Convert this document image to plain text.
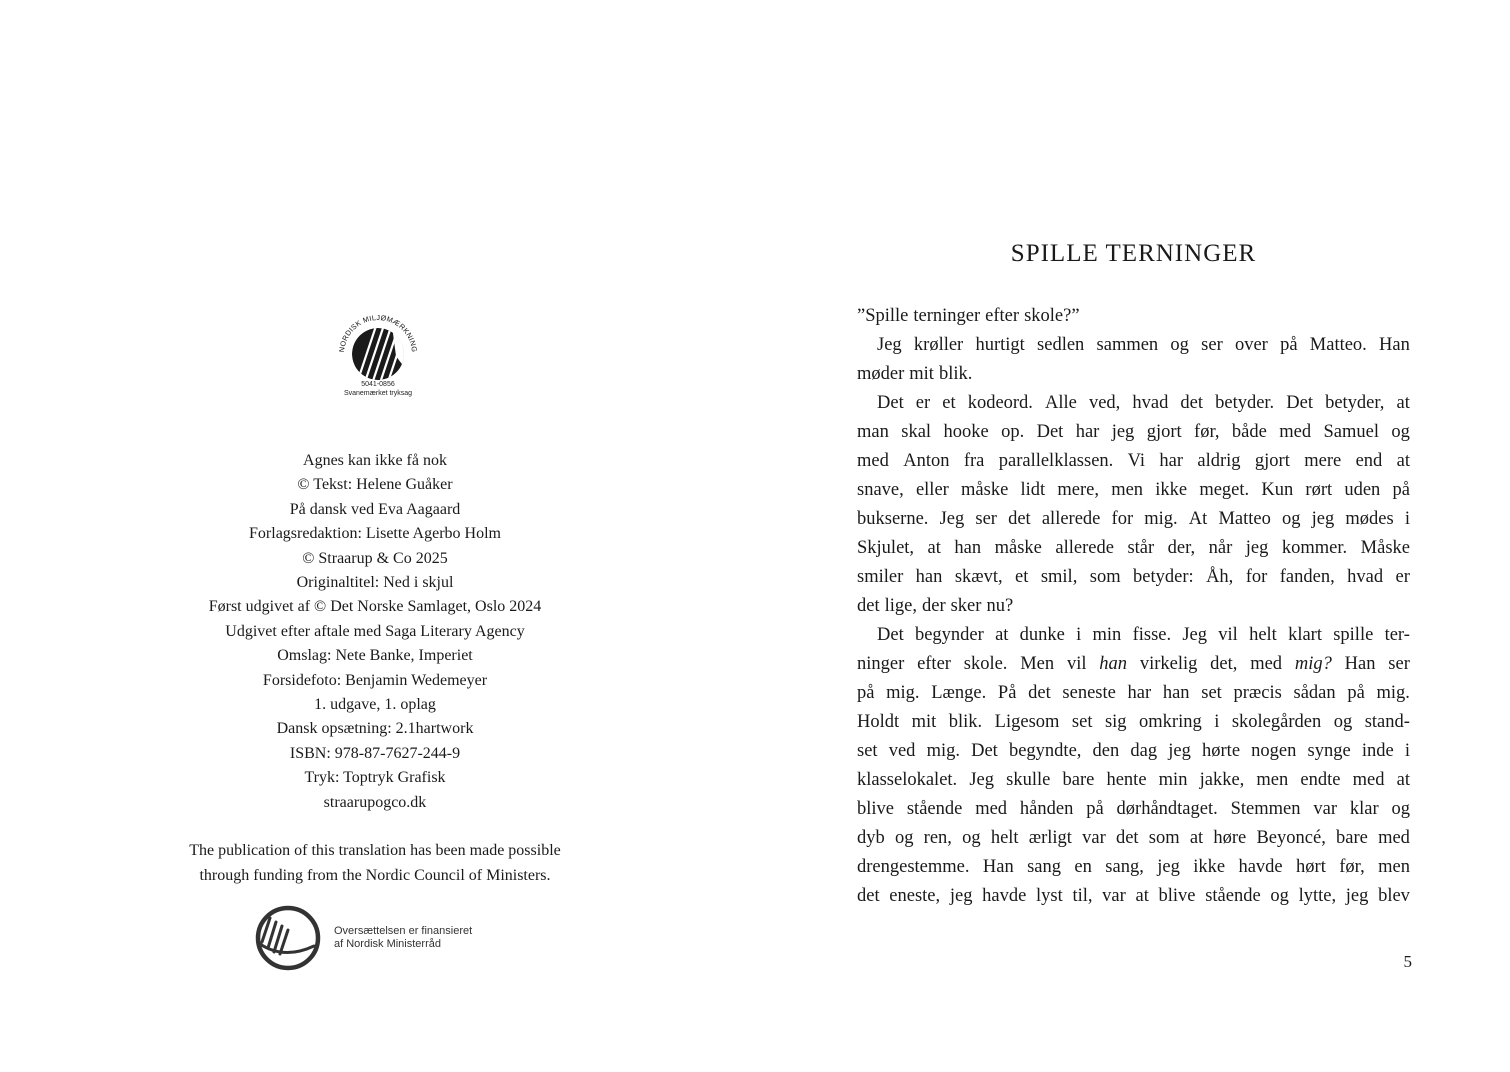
NORDISK MILJØMÆRKNING
5041-0856
Svanemærket tryksag
Agnes kan ikke få nok
© Tekst: Helene Guåker
På dansk ved Eva Aagaard
Forlagsredaktion: Lisette Agerbo Holm
© Straarup & Co 2025
Originaltitel: Ned i skjul
Først udgivet af © Det Norske Samlaget, Oslo 2024
Udgivet efter aftale med Saga Literary Agency
Omslag: Nete Banke, Imperiet
Forsidefoto: Benjamin Wedemeyer
1. udgave, 1. oplag
Dansk opsætning: 2.1hartwork
ISBN: 978-87-7627-244-9
Tryk: Toptryk Grafisk
straarupogco.dk
The publication of this translation has been made possible
through funding from the Nordic Council of Ministers.
Oversættelsen er finansieret
af Nordisk Ministerråd
SPILLE TERNINGER
”Spille terninger efter skole?”
Jeg krøller hurtigt sedlen sammen og ser over på Matteo. Han
møder mit blik.
Det er et kodeord. Alle ved, hvad det betyder. Det betyder, at
man skal hooke op. Det har jeg gjort før, både med Samuel og
med Anton fra parallelklassen. Vi har aldrig gjort mere end at
snave, eller måske lidt mere, men ikke meget. Kun rørt uden på
bukserne. Jeg ser det allerede for mig. At Matteo og jeg mødes i
Skjulet, at han måske allerede står der, når jeg kommer. Måske
smiler han skævt, et smil, som betyder: Åh, for fanden, hvad er
det lige, der sker nu?
Det begynder at dunke i min fisse. Jeg vil helt klart spille ter-
ninger efter skole. Men vil han virkelig det, med mig? Han ser
på mig. Længe. På det seneste har han set præcis sådan på mig.
Holdt mit blik. Ligesom set sig omkring i skolegården og stand-
set ved mig. Det begyndte, den dag jeg hørte nogen synge inde i
klasselokalet. Jeg skulle bare hente min jakke, men endte med at
blive stående med hånden på dørhåndtaget. Stemmen var klar og
dyb og ren, og helt ærligt var det som at høre Beyoncé, bare med
drengestemme. Han sang en sang, jeg ikke havde hørt før, men
det eneste, jeg havde lyst til, var at blive stående og lytte, jeg blev
5
